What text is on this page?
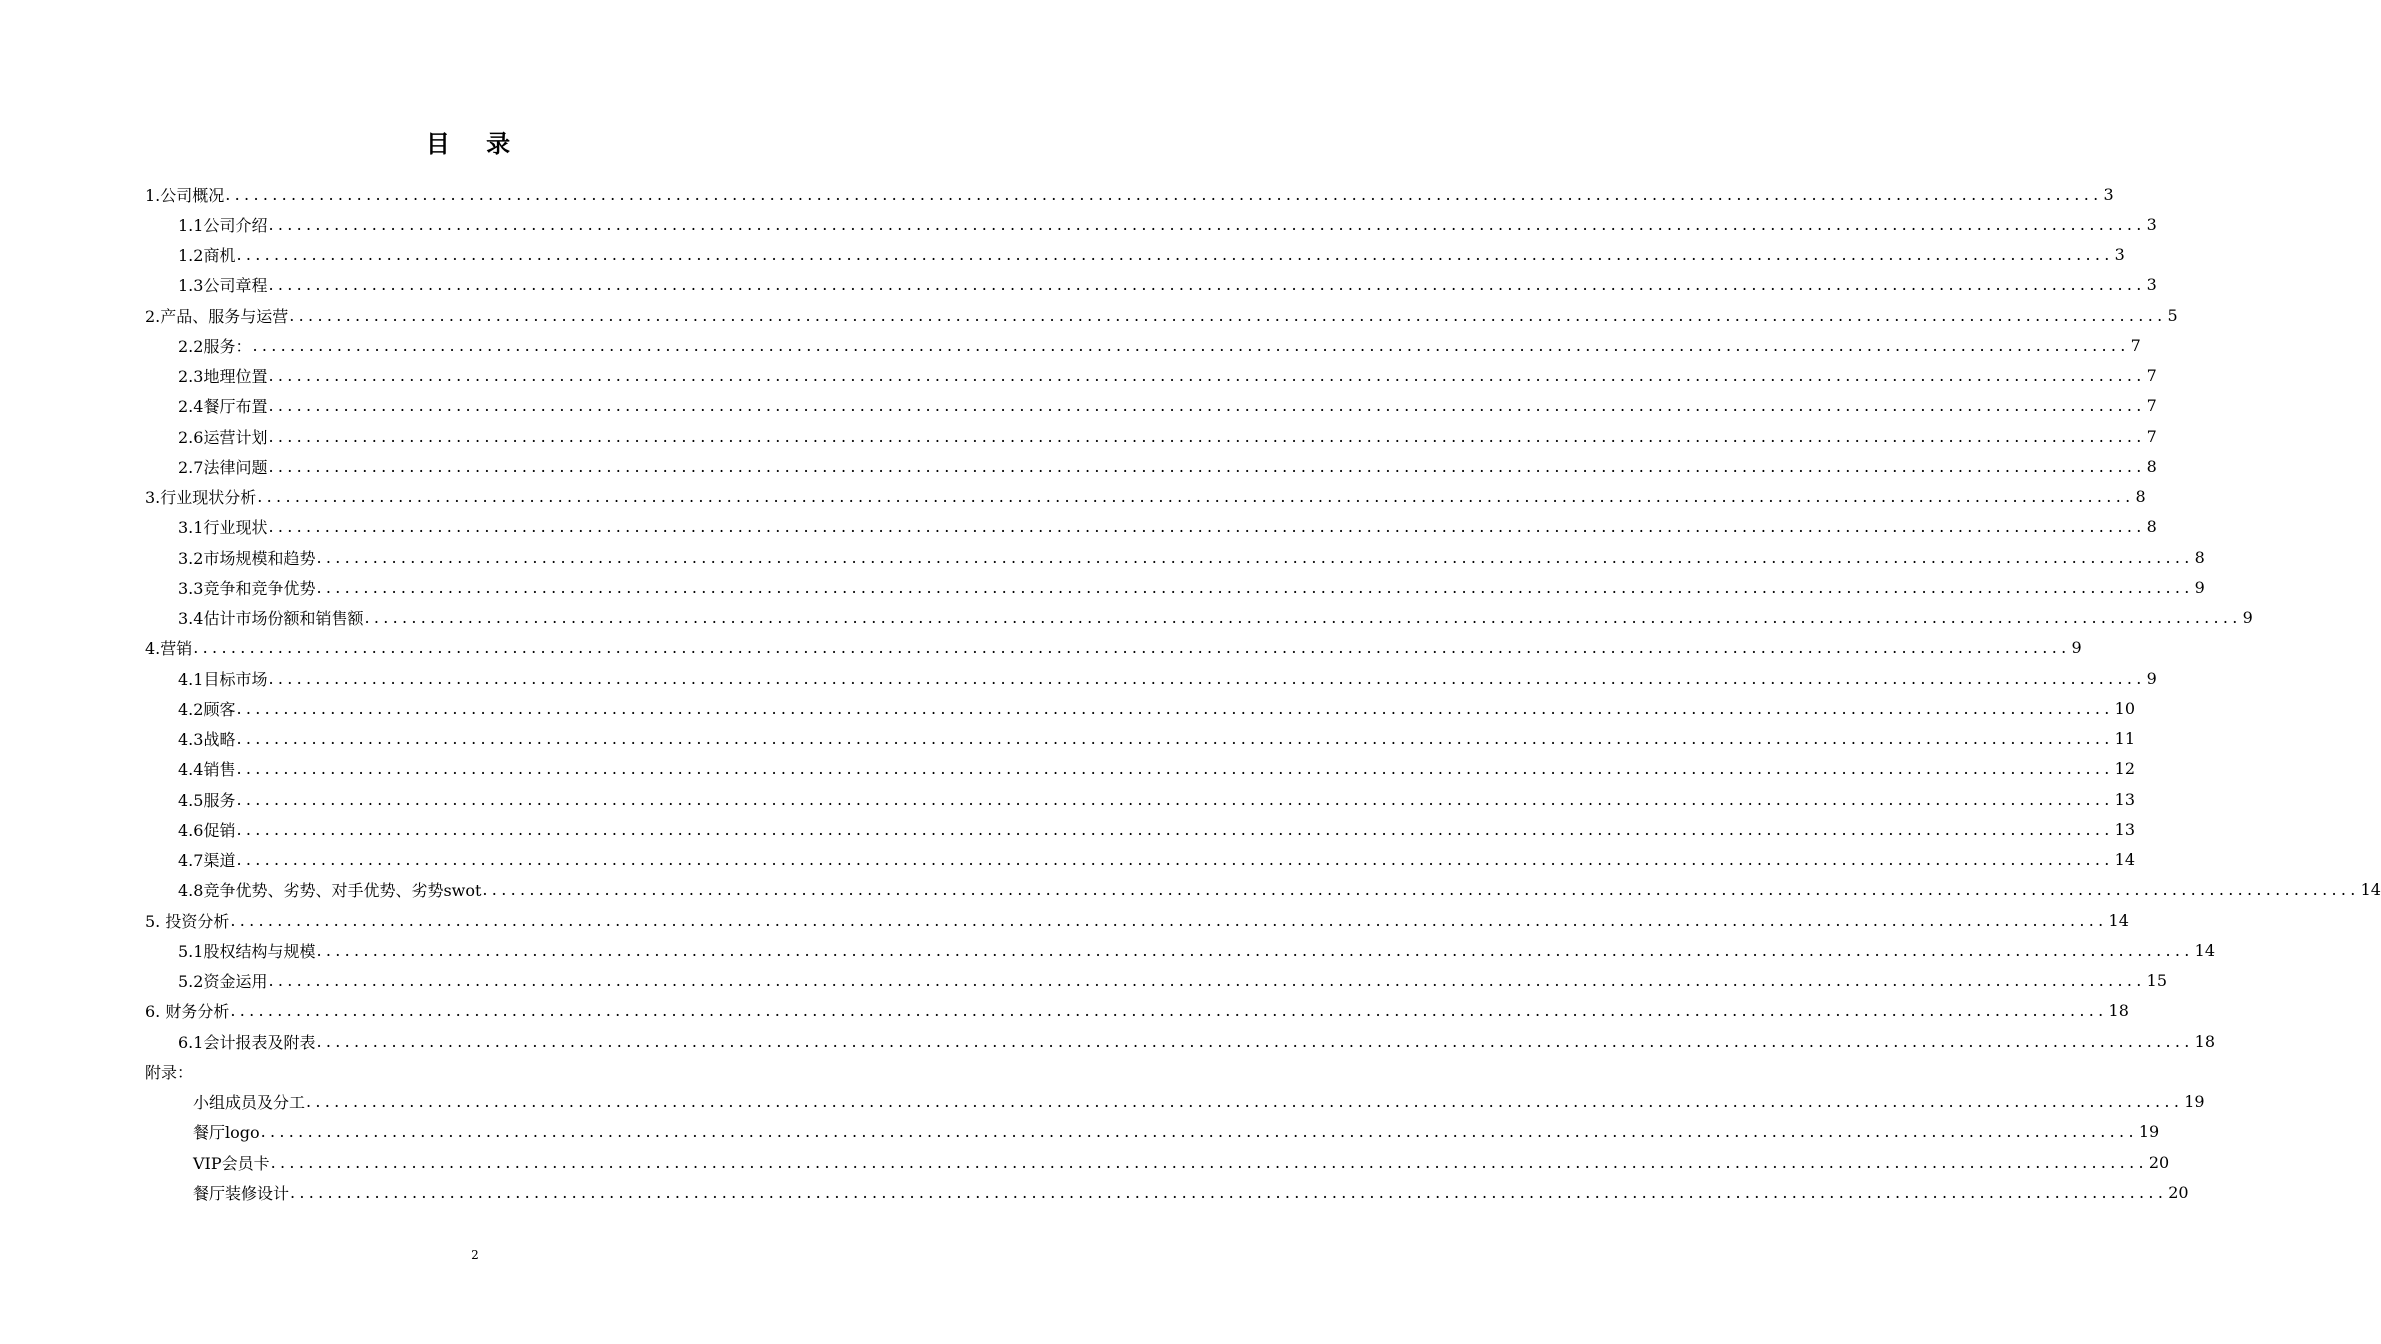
目 录
1.公司概况 ........................................................................................................................................................................................................ 3
1.1公司介绍 ........................................................................................................................................................................................................ 3
1.2商机 ........................................................................................................................................................................................................ 3
1.3公司章程 ........................................................................................................................................................................................................ 3
2.产品、服务与运营 ........................................................................................................................................................................................................ 5
2.2服务： ........................................................................................................................................................................................................ 7
2.3地理位置 ........................................................................................................................................................................................................ 7
2.4餐厅布置 ........................................................................................................................................................................................................ 7
2.6运营计划 ........................................................................................................................................................................................................ 7
2.7法律问题 ........................................................................................................................................................................................................ 8
3.行业现状分析 ........................................................................................................................................................................................................ 8
3.1行业现状 ........................................................................................................................................................................................................ 8
3.2市场规模和趋势 ........................................................................................................................................................................................................ 8
3.3竞争和竞争优势 ........................................................................................................................................................................................................ 9
3.4估计市场份额和销售额 ........................................................................................................................................................................................................ 9
4.营销 ........................................................................................................................................................................................................ 9
4.1目标市场 ........................................................................................................................................................................................................ 9
4.2顾客 ........................................................................................................................................................................................................ 10
4.3战略 ........................................................................................................................................................................................................ 11
4.4销售 ........................................................................................................................................................................................................ 12
4.5服务 ........................................................................................................................................................................................................ 13
4.6促销 ........................................................................................................................................................................................................ 13
4.7渠道 ........................................................................................................................................................................................................ 14
4.8竞争优势、劣势、对手优势、劣势swot ........................................................................................................................................................................................................ 14
5. 投资分析 ........................................................................................................................................................................................................ 14
5.1股权结构与规模 ........................................................................................................................................................................................................ 14
5.2资金运用 ........................................................................................................................................................................................................ 15
6. 财务分析 ........................................................................................................................................................................................................ 18
6.1会计报表及附表 ........................................................................................................................................................................................................ 18
附录：
小组成员及分工 ........................................................................................................................................................................................................ 19
餐厅logo ........................................................................................................................................................................................................ 19
VIP会员卡 ........................................................................................................................................................................................................ 20
餐厅装修设计 ........................................................................................................................................................................................................ 20
2
